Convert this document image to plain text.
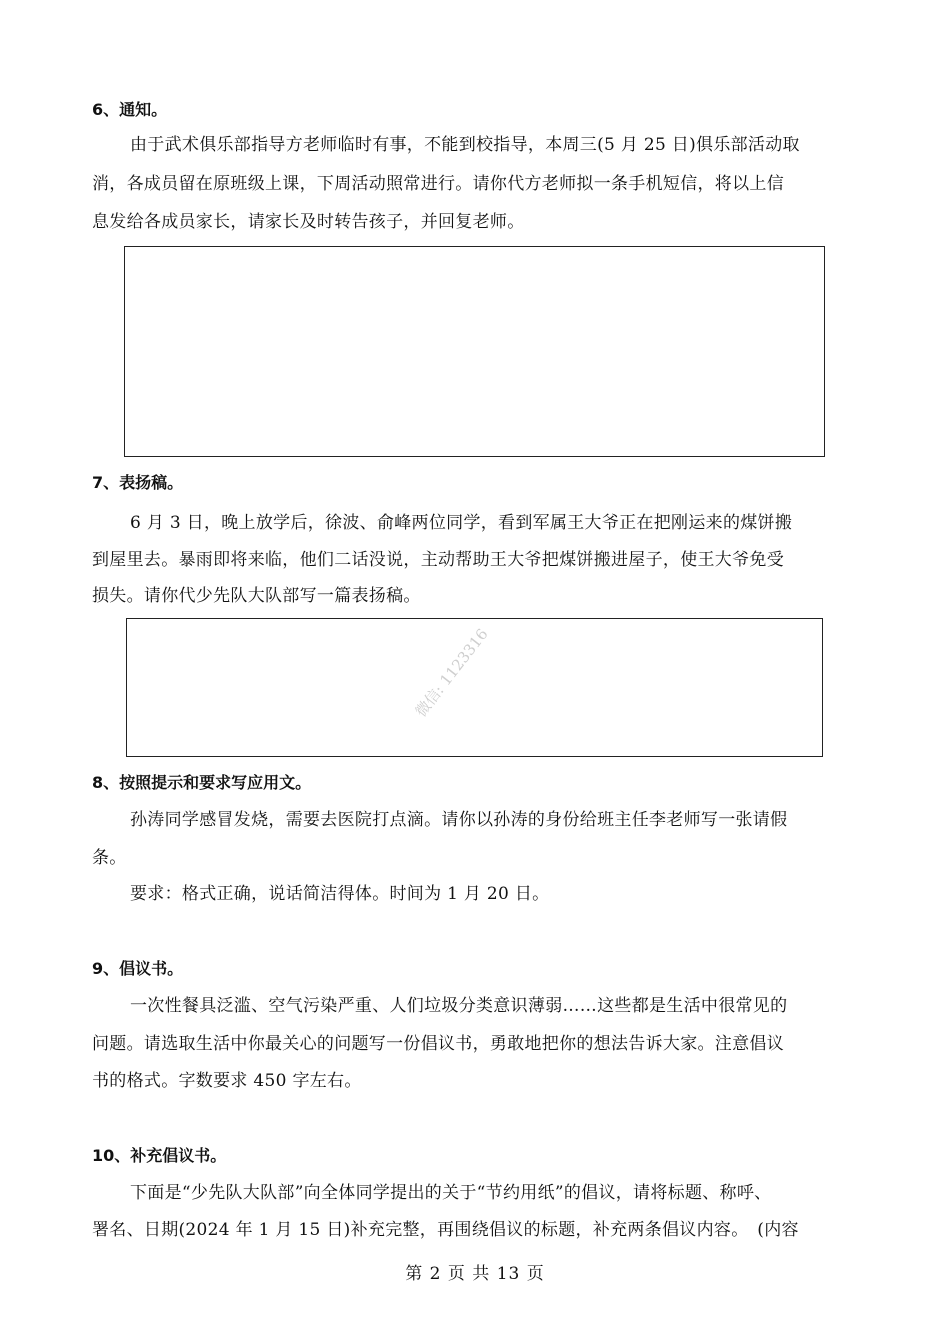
6、通知。
由于武术俱乐部指导方老师临时有事，不能到校指导，本周三(5 月 25 日)俱乐部活动取
消，各成员留在原班级上课，下周活动照常进行。请你代方老师拟一条手机短信，将以上信
息发给各成员家长，请家长及时转告孩子，并回复老师。
7、表扬稿。
6 月 3 日，晚上放学后，徐波、俞峰两位同学，看到军属王大爷正在把刚运来的煤饼搬
到屋里去。暴雨即将来临，他们二话没说，主动帮助王大爷把煤饼搬进屋子，使王大爷免受
损失。请你代少先队大队部写一篇表扬稿。
微信: 1123316
8、按照提示和要求写应用文。
孙涛同学感冒发烧，需要去医院打点滴。请你以孙涛的身份给班主任李老师写一张请假
条。
要求：格式正确，说话简洁得体。时间为 1 月 20 日。
9、倡议书。
一次性餐具泛滥、空气污染严重、人们垃圾分类意识薄弱……这些都是生活中很常见的
问题。请选取生活中你最关心的问题写一份倡议书，勇敢地把你的想法告诉大家。注意倡议
书的格式。字数要求 450 字左右。
10、补充倡议书。
下面是“少先队大队部”向全体同学提出的关于“节约用纸”的倡议，请将标题、称呼、
署名、日期(2024 年 1 月 15 日)补充完整，再围绕倡议的标题，补充两条倡议内容。　(内容
第 2 页 共 13 页
